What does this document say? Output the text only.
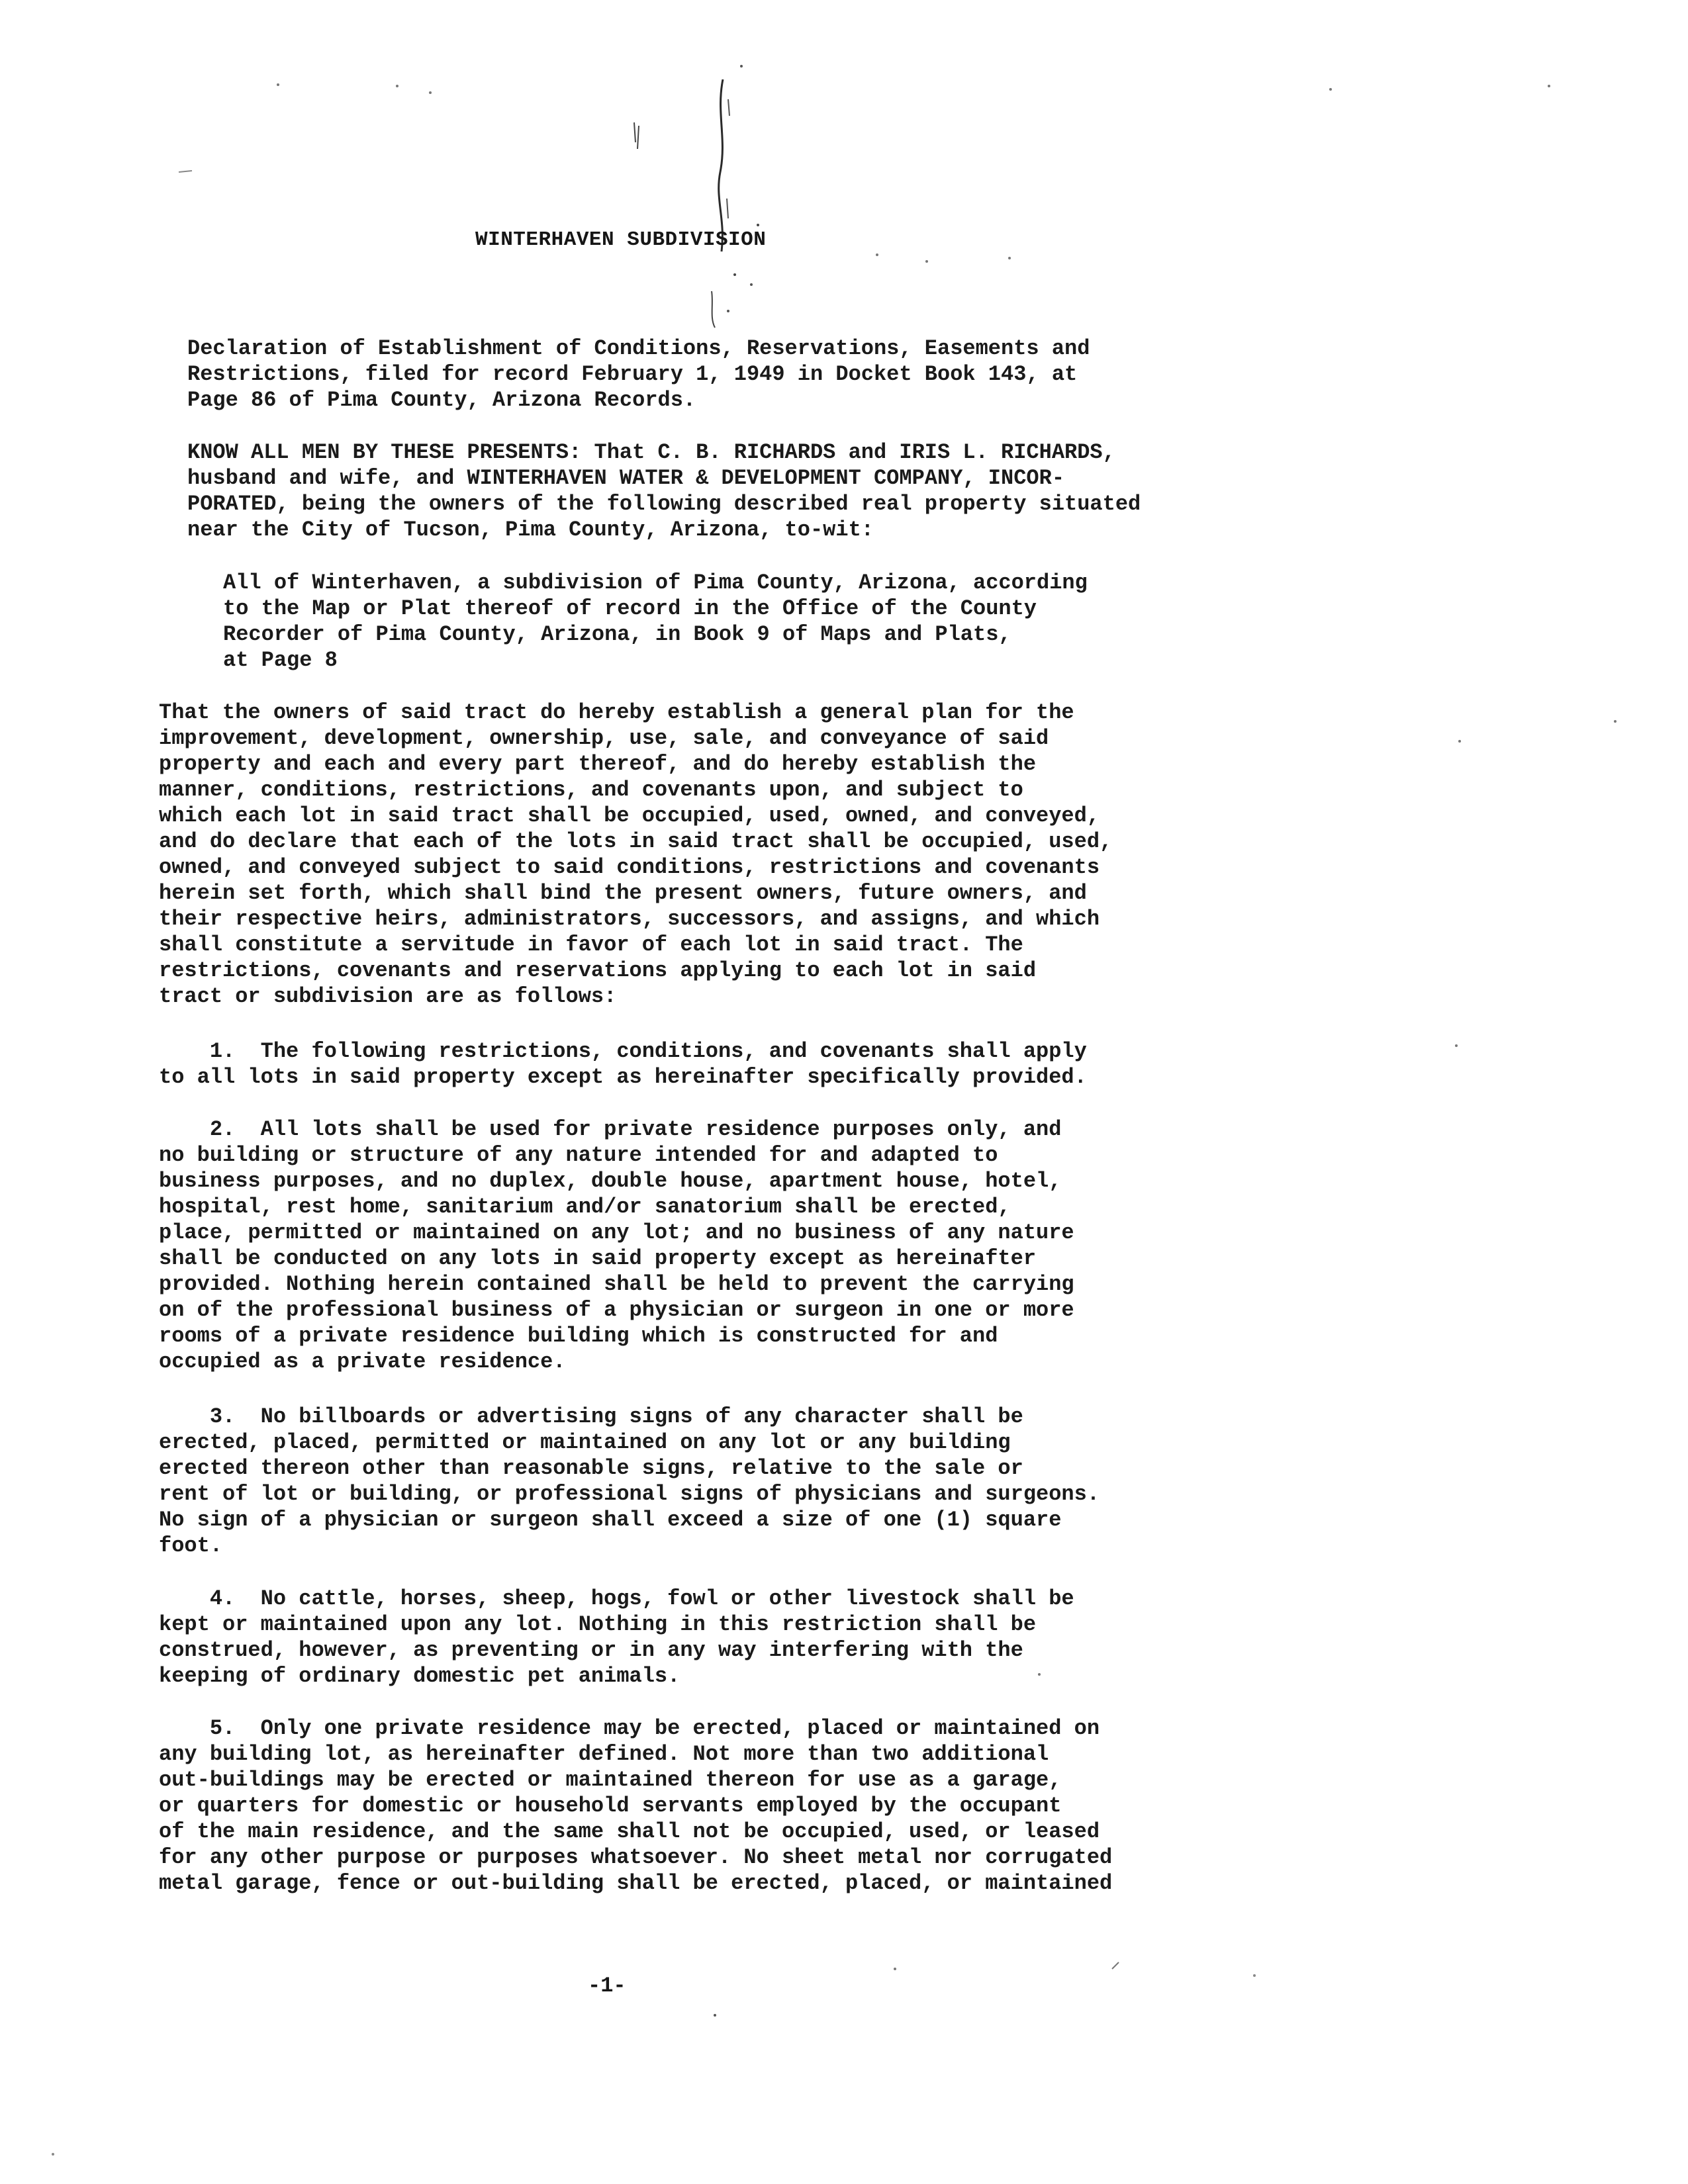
WINTERHAVEN SUBDIVISION
Declaration of Establishment of Conditions, Reservations, Easements and
Restrictions, filed for record February 1, 1949 in Docket Book 143, at
Page 86 of Pima County, Arizona Records.
KNOW ALL MEN BY THESE PRESENTS: That C. B. RICHARDS and IRIS L. RICHARDS,
husband and wife, and WINTERHAVEN WATER & DEVELOPMENT COMPANY, INCOR-
PORATED, being the owners of the following described real property situated
near the City of Tucson, Pima County, Arizona, to-wit:
All of Winterhaven, a subdivision of Pima County, Arizona, according
to the Map or Plat thereof of record in the Office of the County
Recorder of Pima County, Arizona, in Book 9 of Maps and Plats,
at Page 8
That the owners of said tract do hereby establish a general plan for the
improvement, development, ownership, use, sale, and conveyance of said
property and each and every part thereof, and do hereby establish the
manner, conditions, restrictions, and covenants upon, and subject to
which each lot in said tract shall be occupied, used, owned, and conveyed,
and do declare that each of the lots in said tract shall be occupied, used,
owned, and conveyed subject to said conditions, restrictions and covenants
herein set forth, which shall bind the present owners, future owners, and
their respective heirs, administrators, successors, and assigns, and which
shall constitute a servitude in favor of each lot in said tract. The
restrictions, covenants and reservations applying to each lot in said
tract or subdivision are as follows:
1.  The following restrictions, conditions, and covenants shall apply
to all lots in said property except as hereinafter specifically provided.
2.  All lots shall be used for private residence purposes only, and
no building or structure of any nature intended for and adapted to
business purposes, and no duplex, double house, apartment house, hotel,
hospital, rest home, sanitarium and/or sanatorium shall be erected,
place, permitted or maintained on any lot; and no business of any nature
shall be conducted on any lots in said property except as hereinafter
provided. Nothing herein contained shall be held to prevent the carrying
on of the professional business of a physician or surgeon in one or more
rooms of a private residence building which is constructed for and
occupied as a private residence.
3.  No billboards or advertising signs of any character shall be
erected, placed, permitted or maintained on any lot or any building
erected thereon other than reasonable signs, relative to the sale or
rent of lot or building, or professional signs of physicians and surgeons.
No sign of a physician or surgeon shall exceed a size of one (1) square
foot.
4.  No cattle, horses, sheep, hogs, fowl or other livestock shall be
kept or maintained upon any lot. Nothing in this restriction shall be
construed, however, as preventing or in any way interfering with the
keeping of ordinary domestic pet animals.
5.  Only one private residence may be erected, placed or maintained on
any building lot, as hereinafter defined. Not more than two additional
out-buildings may be erected or maintained thereon for use as a garage,
or quarters for domestic or household servants employed by the occupant
of the main residence, and the same shall not be occupied, used, or leased
for any other purpose or purposes whatsoever. No sheet metal nor corrugated
metal garage, fence or out-building shall be erected, placed, or maintained
-1-
